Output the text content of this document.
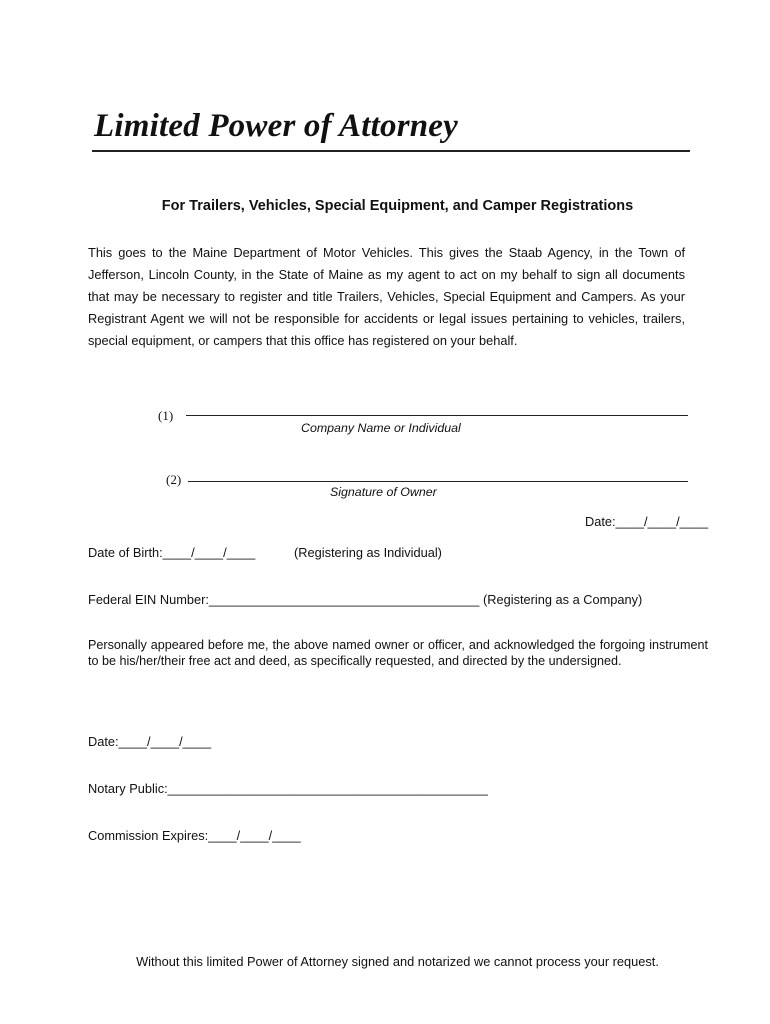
Limited Power of Attorney
For Trailers, Vehicles, Special Equipment, and Camper Registrations
This goes to the Maine Department of Motor Vehicles. This gives the Staab Agency, in the Town of Jefferson, Lincoln County, in the State of Maine as my agent to act on my behalf to sign all documents that may be necessary to register and title Trailers, Vehicles, Special Equipment and Campers. As your Registrant Agent we will not be responsible for accidents or legal issues pertaining to vehicles, trailers, special equipment, or campers that this office has registered on your behalf.
(1)
Company Name or Individual
(2)
Signature of Owner
Date:____/____/____
Date of Birth:____/____/____	(Registering as Individual)
Federal EIN Number:______________________________________ (Registering as a Company)
Personally appeared before me, the above named owner or officer, and acknowledged the forgoing instrument to be his/her/their free act and deed, as specifically requested, and directed by the undersigned.
Date:____/____/____
Notary Public:_____________________________________________
Commission Expires:____/____/____
Without this limited Power of Attorney signed and notarized we cannot process your request.
